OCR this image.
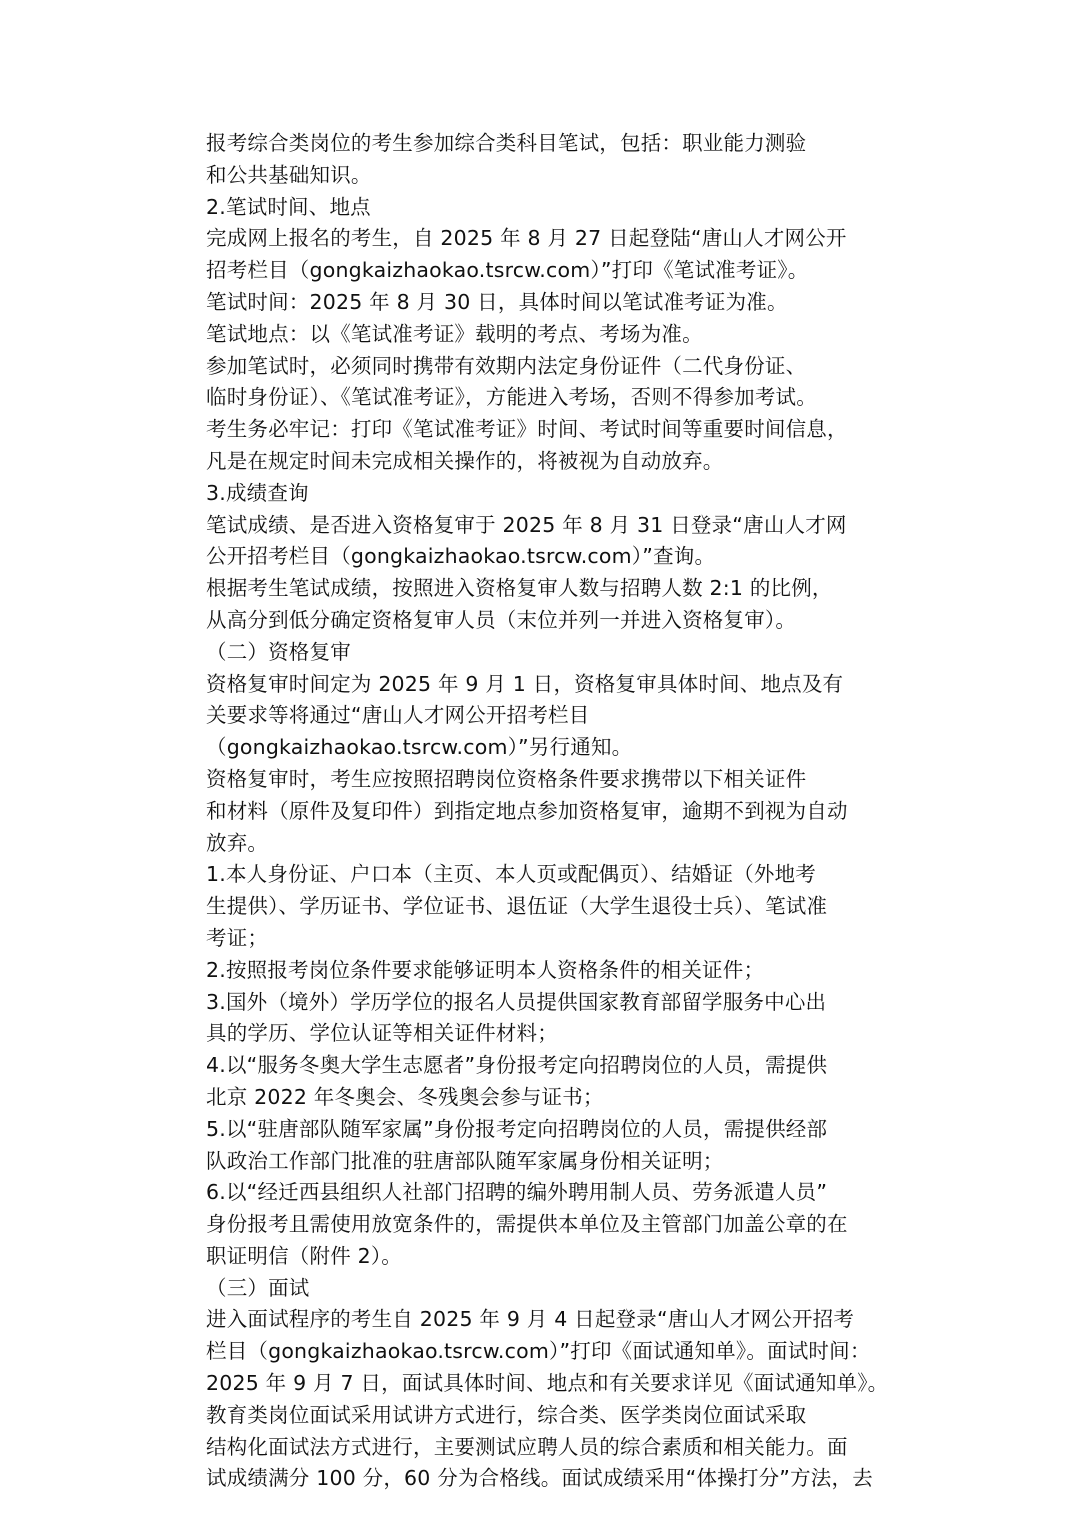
报考综合类岗位的考生参加综合类科目笔试，包括：职业能力测验
和公共基础知识。

2.笔试时间、地点

完成网上报名的考生，自 2025 年 8 月 27 日起登陆“唐山人才网公开
招考栏目（gongkaizhaokao.tsrcw.com）”打印《笔试准考证》。

笔试时间：2025 年 8 月 30 日，具体时间以笔试准考证为准。

笔试地点：以《笔试准考证》载明的考点、考场为准。

参加笔试时，必须同时携带有效期内法定身份证件（二代身份证、
临时身份证）、《笔试准考证》，方能进入考场，否则不得参加考试。

考生务必牢记：打印《笔试准考证》时间、考试时间等重要时间信息，
凡是在规定时间未完成相关操作的，将被视为自动放弃。

3.成绩查询

笔试成绩、是否进入资格复审于 2025 年 8 月 31 日登录“唐山人才网
公开招考栏目（gongkaizhaokao.tsrcw.com）”查询。

根据考生笔试成绩，按照进入资格复审人数与招聘人数 2:1 的比例，
从高分到低分确定资格复审人员（末位并列一并进入资格复审）。

（二）资格复审

资格复审时间定为 2025 年 9 月 1 日，资格复审具体时间、地点及有
关要求等将通过“唐山人才网公开招考栏目
（gongkaizhaokao.tsrcw.com）”另行通知。

资格复审时，考生应按照招聘岗位资格条件要求携带以下相关证件
和材料（原件及复印件）到指定地点参加资格复审，逾期不到视为自动
放弃。

1.本人身份证、户口本（主页、本人页或配偶页）、结婚证（外地考
生提供）、学历证书、学位证书、退伍证（大学生退役士兵）、笔试准
考证；

2.按照报考岗位条件要求能够证明本人资格条件的相关证件；

3.国外（境外）学历学位的报名人员提供国家教育部留学服务中心出
具的学历、学位认证等相关证件材料；

4.以“服务冬奥大学生志愿者”身份报考定向招聘岗位的人员，需提供
北京 2022 年冬奥会、冬残奥会参与证书；

5.以“驻唐部队随军家属”身份报考定向招聘岗位的人员，需提供经部
队政治工作部门批准的驻唐部队随军家属身份相关证明；

6.以“经迁西县组织人社部门招聘的编外聘用制人员、劳务派遣人员”
身份报考且需使用放宽条件的，需提供本单位及主管部门加盖公章的在
职证明信（附件 2）。

（三）面试

进入面试程序的考生自 2025 年 9 月 4 日起登录“唐山人才网公开招考
栏目（gongkaizhaokao.tsrcw.com）”打印《面试通知单》。面试时间：
2025 年 9 月 7 日，面试具体时间、地点和有关要求详见《面试通知单》。

教育类岗位面试采用试讲方式进行，综合类、医学类岗位面试采取
结构化面试法方式进行，主要测试应聘人员的综合素质和相关能力。面
试成绩满分 100 分，60 分为合格线。面试成绩采用“体操打分”方法，去
